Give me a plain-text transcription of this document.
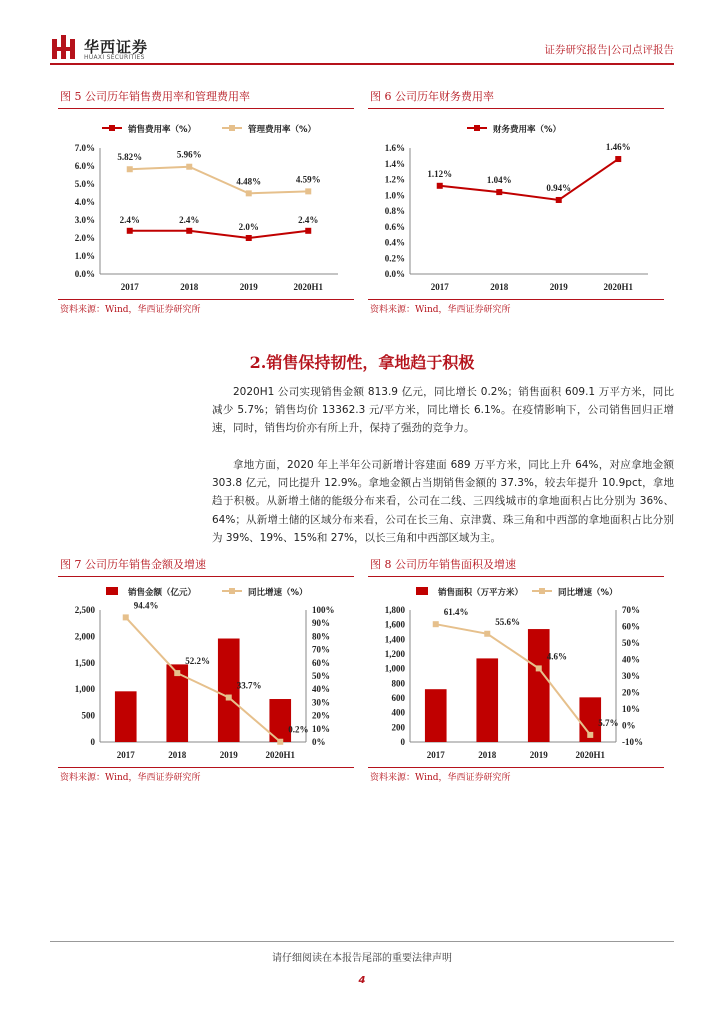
华西证券
HUAXI SECURITIES
证券研究报告|公司点评报告
图 5 公司历年销售费用率和管理费用率
0.0%
1.0%
2.0%
3.0%
4.0%
5.0%
6.0%
7.0%
2017	2018	2019	2020H1
销售费用率（%）	管理费用率（%）
2.4%	2.4%
2.0%
2.4%
5.82%	5.96%
4.48%	4.59%
资料来源：Wind，华西证券研究所
图 6 公司历年财务费用率
0.0%
0.2%
0.4%
0.6%
0.8%
1.0%
1.2%
1.4%
1.6%
2017	2018	2019	2020H1
财务费用率（%）
1.12%
1.04%
0.94%
1.46%
资料来源：Wind，华西证券研究所
2.销售保持韧性，拿地趋于积极
2020H1 公司实现销售金额 813.9 亿元，同比增长 0.2%；销售面积 609.1 万平方米，同比减少 5.7%；销售均价 13362.3 元/平方米，同比增长 6.1%。在疫情影响下，公司销售回归正增速，同时，销售均价亦有所上升，保持了强劲的竞争力。
拿地方面，2020 年上半年公司新增计容建面 689 万平方米，同比上升 64%，对应拿地金额 303.8 亿元，同比提升 12.9%。拿地金额占当期销售金额的 37.3%，较去年提升 10.9pct，拿地趋于积极。从新增土储的能级分布来看，公司在二线、三四线城市的拿地面积占比分别为 36%、64%；从新增土储的区域分布来看，公司在长三角、京津冀、珠三角和中西部的拿地面积占比分别为 39%、19%、15%和 27%，以长三角和中西部区域为主。
图 7 公司历年销售金额及增速
0
500
1,000
1,500
2,000
2,500
0%
10%
20%
30%
40%
50%
60%
70%
80%
90%
100%
2017	2018	2019	2020H1
销售金额（亿元）	同比增速（%）
94.4%
52.2%
33.7%
0.2%
资料来源：Wind，华西证券研究所
图 8 公司历年销售面积及增速
0
200
400
600
800
1,000
1,200
1,400
1,600
1,800
-10%
0%
10%
20%
30%
40%
50%
60%
70%
2017	2018	2019	2020H1
销售面积（万平方米）	同比增速（%）
61.4%
55.6%
4.6%
5.7%
资料来源：Wind，华西证券研究所
请仔细阅读在本报告尾部的重要法律声明
4
